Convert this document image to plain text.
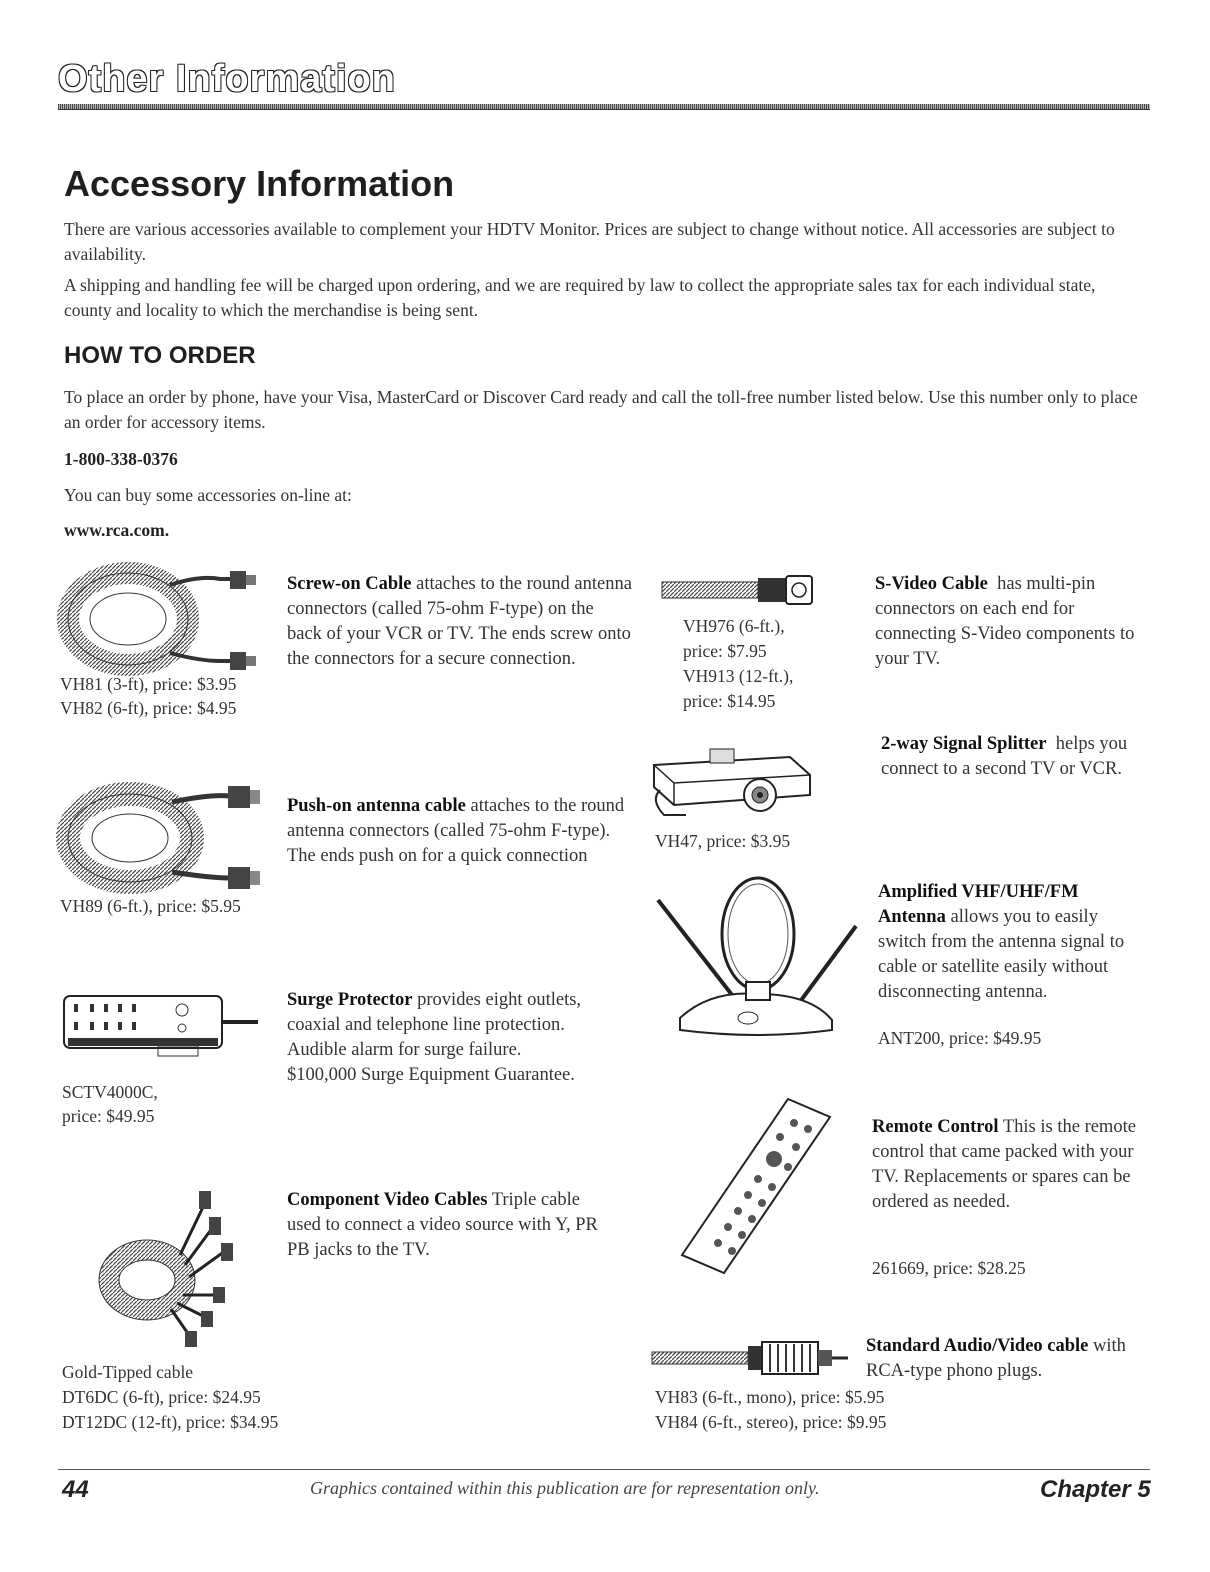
Other Information
Accessory Information
There are various accessories available to complement your HDTV Monitor. Prices are subject to change without notice. All accessories are subject to availability.
A shipping and handling fee will be charged upon ordering, and we are required by law to collect the appropriate sales tax for each individual state, county and locality to which the merchandise is being sent.
HOW TO ORDER
To place an order by phone, have your Visa, MasterCard or Discover Card ready and call the toll-free number listed below. Use this number only to place an order for accessory items.
1-800-338-0376
You can buy some accessories on-line at:
www.rca.com.
VH81 (3-ft), price: $3.95
VH82 (6-ft), price: $4.95
Screw-on Cable attaches to the round antenna connectors (called 75-ohm F-type) on the back of your VCR or TV. The ends screw onto the connectors for a secure connection.
VH89 (6-ft.), price: $5.95
Push-on antenna cable attaches to the round antenna connectors (called 75-ohm F-type). The ends push on for a quick connection
SCTV4000C,
price: $49.95
Surge Protector provides eight outlets, coaxial and telephone line protection. Audible alarm for surge failure. $100,000 Surge Equipment Guarantee.
Gold-Tipped cable
DT6DC (6-ft), price: $24.95
DT12DC (12-ft), price: $34.95
Component Video Cables Triple cable used to connect a video source with Y, PR PB jacks to the TV.
VH976 (6-ft.),
price: $7.95
VH913 (12-ft.),
price: $14.95
S-Video Cable has multi-pin connectors on each end for connecting S-Video components to your TV.
VH47, price: $3.95
2-way Signal Splitter helps you connect to a second TV or VCR.
Amplified VHF/UHF/FM Antenna allows you to easily switch from the antenna signal to cable or satellite easily without disconnecting antenna.
ANT200, price: $49.95
Remote Control This is the remote control that came packed with your TV. Replacements or spares can be ordered as needed.
261669, price: $28.25
Standard Audio/Video cable with RCA-type phono plugs.
VH83 (6-ft., mono), price: $5.95
VH84 (6-ft., stereo), price: $9.95
44	Graphics contained within this publication are for representation only.	Chapter 5
